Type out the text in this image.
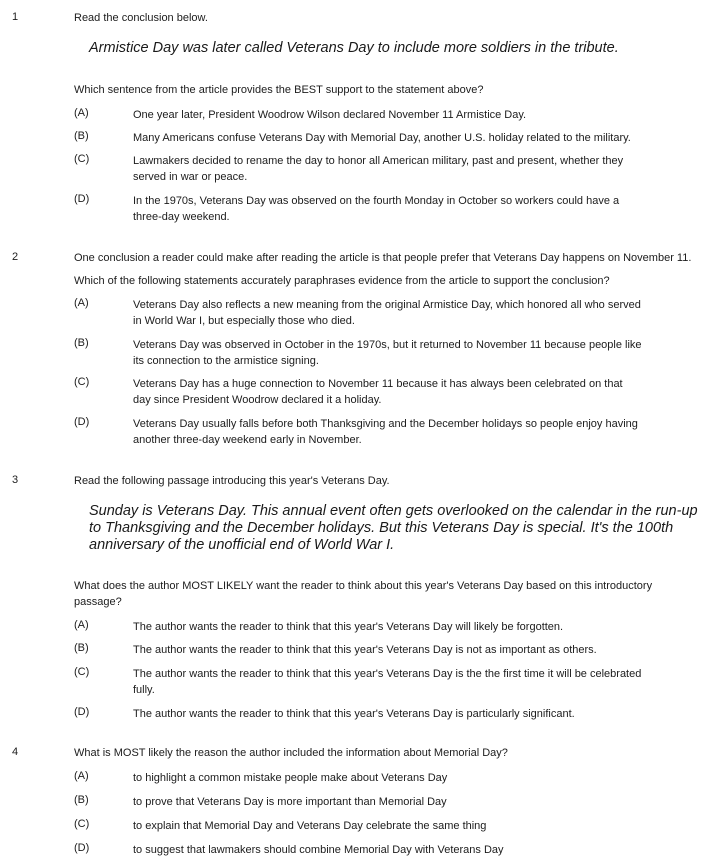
1	Read the conclusion below.
Armistice Day was later called Veterans Day to include more soldiers in the tribute.
Which sentence from the article provides the BEST support to the statement above?
(A)	One year later, President Woodrow Wilson declared November 11 Armistice Day.
(B)	Many Americans confuse Veterans Day with Memorial Day, another U.S. holiday related to the military.
(C)	Lawmakers decided to rename the day to honor all American military, past and present, whether they served in war or peace.
(D)	In the 1970s, Veterans Day was observed on the fourth Monday in October so workers could have a three-day weekend.
2	One conclusion a reader could make after reading the article is that people prefer that Veterans Day happens on November 11.
Which of the following statements accurately paraphrases evidence from the article to support the conclusion?
(A)	Veterans Day also reflects a new meaning from the original Armistice Day, which honored all who served in World War I, but especially those who died.
(B)	Veterans Day was observed in October in the 1970s, but it returned to November 11 because people like its connection to the armistice signing.
(C)	Veterans Day has a huge connection to November 11 because it has always been celebrated on that day since President Woodrow declared it a holiday.
(D)	Veterans Day usually falls before both Thanksgiving and the December holidays so people enjoy having another three-day weekend early in November.
3	Read the following passage introducing this year's Veterans Day.
Sunday is Veterans Day. This annual event often gets overlooked on the calendar in the run-up to Thanksgiving and the December holidays. But this Veterans Day is special. It's the 100th anniversary of the unofficial end of World War I.
What does the author MOST LIKELY want the reader to think about this year's Veterans Day based on this introductory passage?
(A)	The author wants the reader to think that this year's Veterans Day will likely be forgotten.
(B)	The author wants the reader to think that this year's Veterans Day is not as important as others.
(C)	The author wants the reader to think that this year's Veterans Day is the the first time it will be celebrated fully.
(D)	The author wants the reader to think that this year's Veterans Day is particularly significant.
4	What is MOST likely the reason the author included the information about Memorial Day?
(A)	to highlight a common mistake people make about Veterans Day
(B)	to prove that Veterans Day is more important than Memorial Day
(C)	to explain that Memorial Day and Veterans Day celebrate the same thing
(D)	to suggest that lawmakers should combine Memorial Day with Veterans Day
